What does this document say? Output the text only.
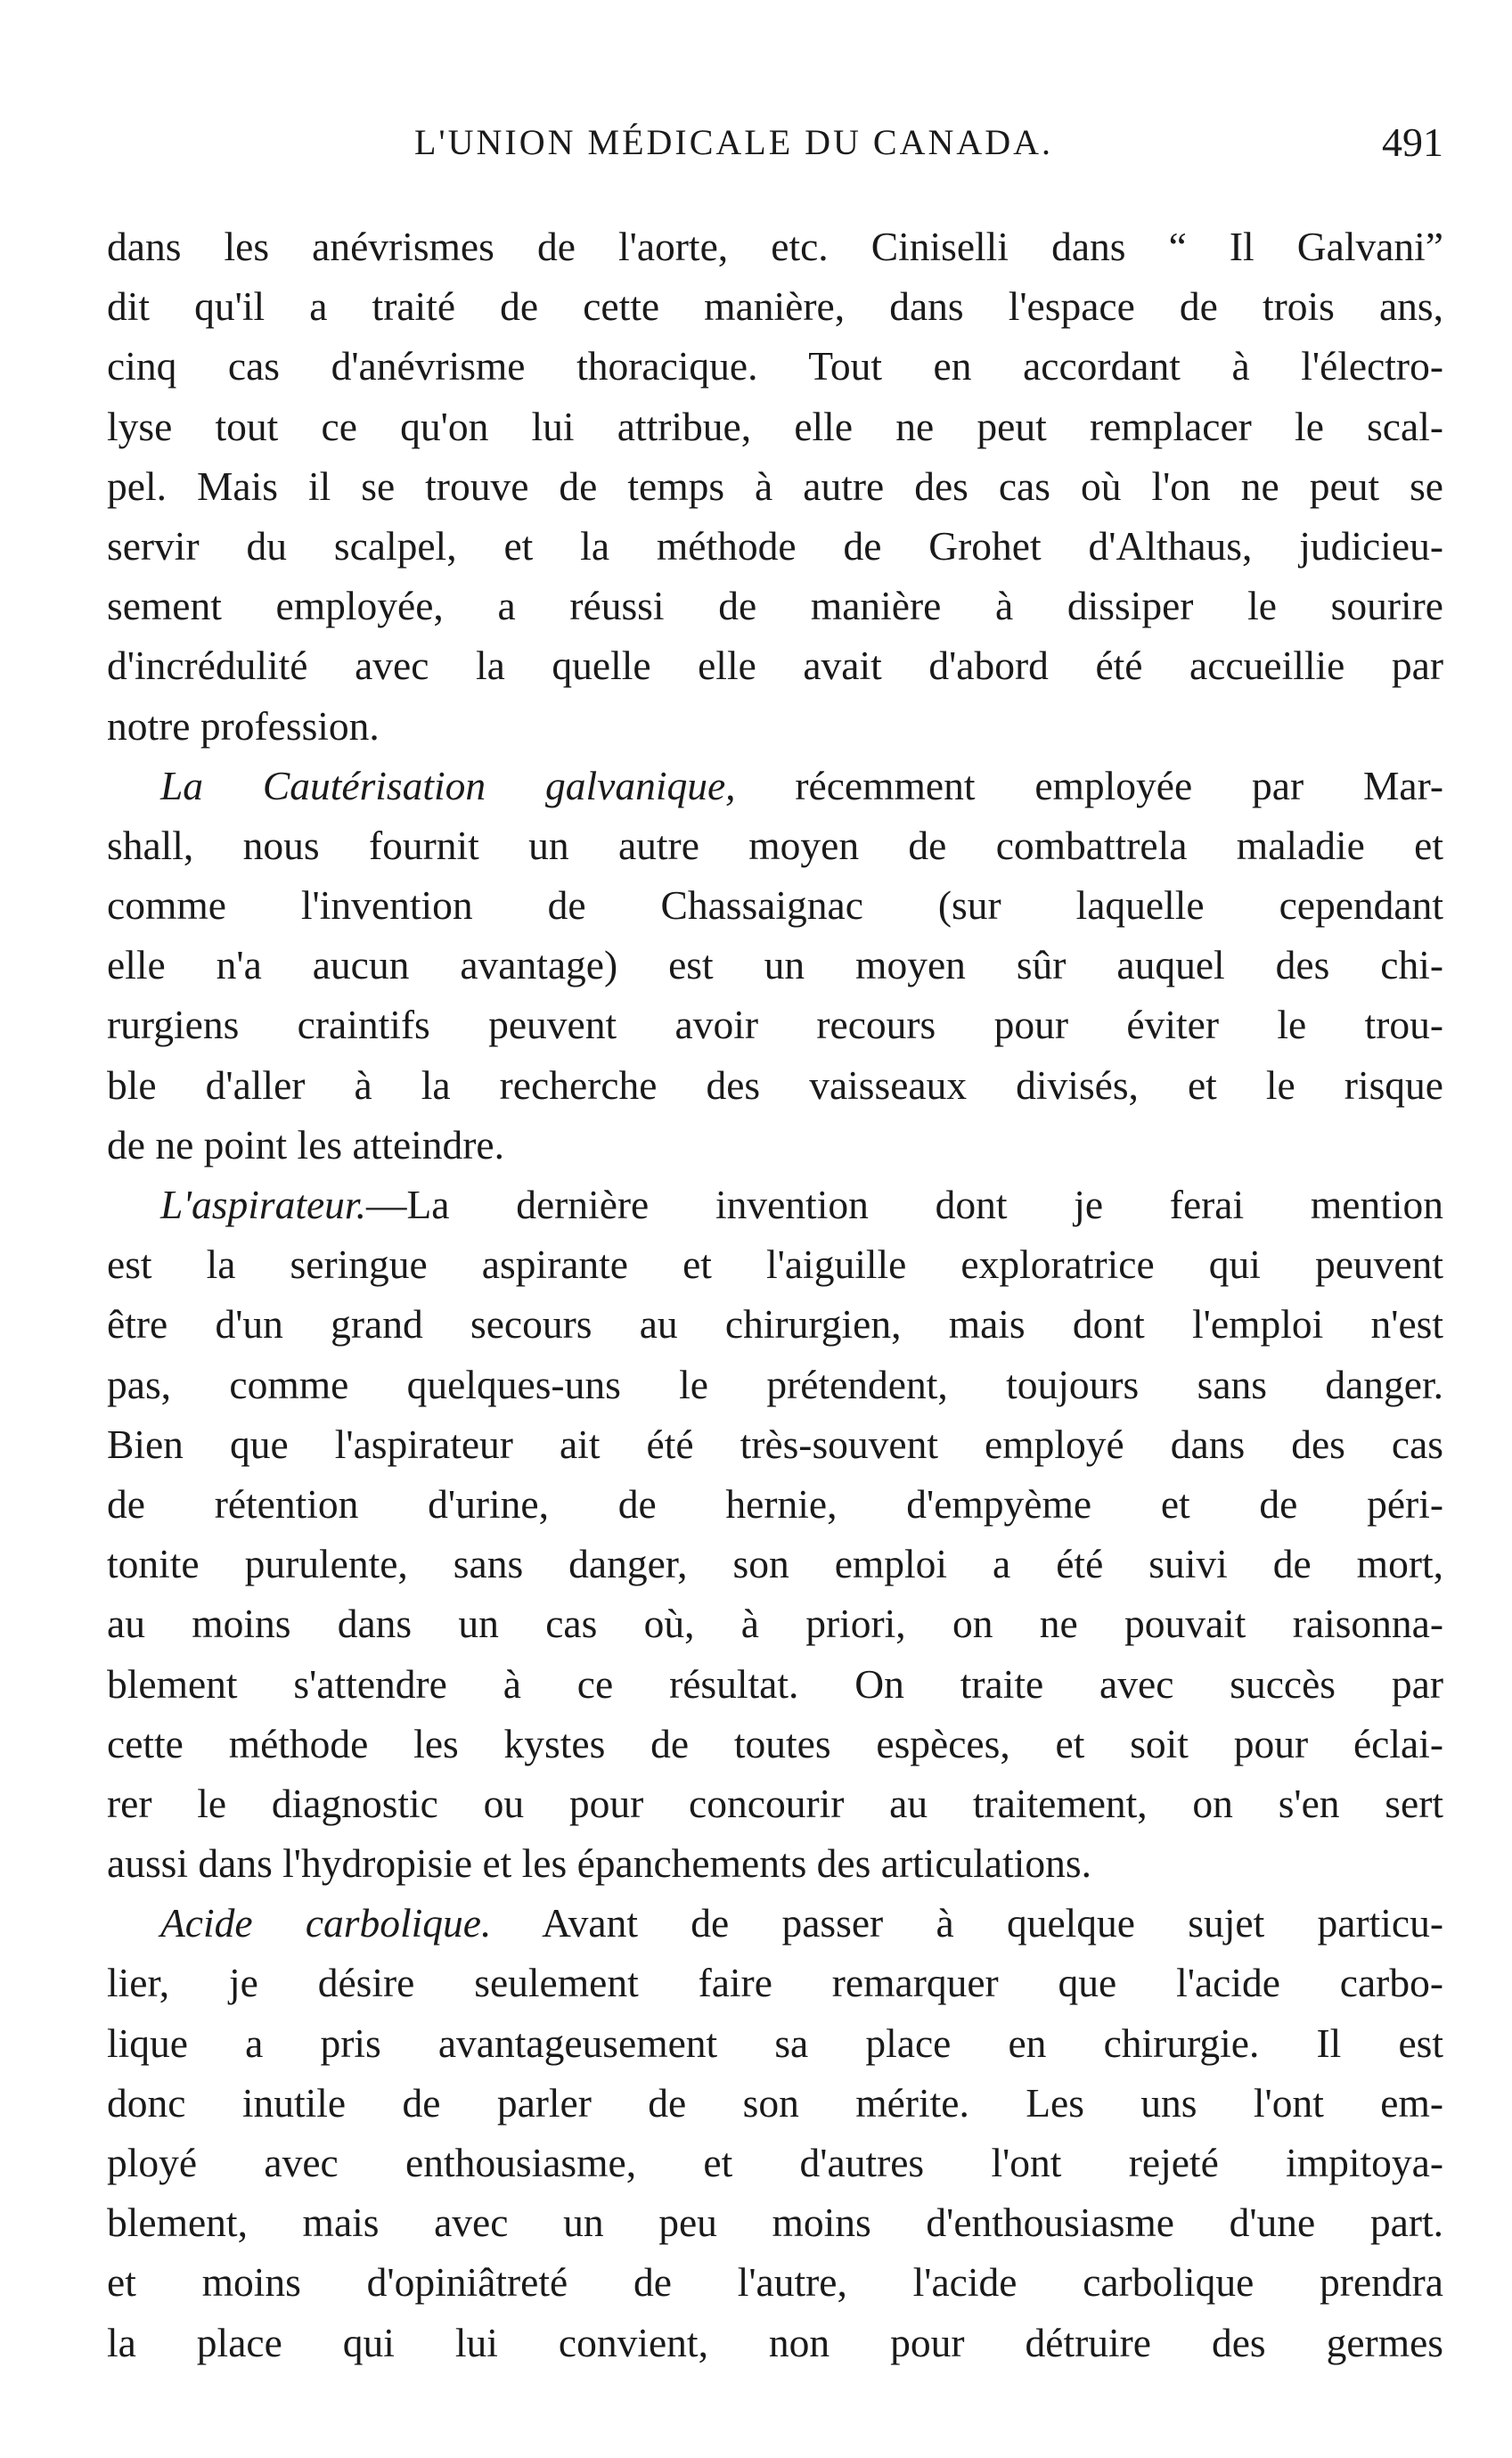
L'UNION MÉDICALE DU CANADA.	491
dans les anévrismes de l'aorte, etc. Ciniselli dans “ Il Galvani”
dit qu'il a traité de cette manière, dans l'espace de trois ans,
cinq cas d'anévrisme thoracique. Tout en accordant à l'électro-
lyse tout ce qu'on lui attribue, elle ne peut remplacer le scal-
pel. Mais il se trouve de temps à autre des cas où l'on ne peut se
servir du scalpel, et la méthode de Grohet d'Althaus, judicieu-
sement employée, a réussi de manière à dissiper le sourire
d'incrédulité avec la quelle elle avait d'abord été accueillie par
notre profession.
La Cautérisation galvanique, récemment employée par Mar-
shall, nous fournit un autre moyen de combattrela maladie et
comme l'invention de Chassaignac (sur laquelle cependant
elle n'a aucun avantage) est un moyen sûr auquel des chi-
rurgiens craintifs peuvent avoir recours pour éviter le trou-
ble d'aller à la recherche des vaisseaux divisés, et le risque
de ne point les atteindre.
L'aspirateur.—La dernière invention dont je ferai mention
est la seringue aspirante et l'aiguille exploratrice qui peuvent
être d'un grand secours au chirurgien, mais dont l'emploi n'est
pas, comme quelques-uns le prétendent, toujours sans danger.
Bien que l'aspirateur ait été très-souvent employé dans des cas
de rétention d'urine, de hernie, d'empyème et de péri-
tonite purulente, sans danger, son emploi a été suivi de mort,
au moins dans un cas où, à priori, on ne pouvait raisonna-
blement s'attendre à ce résultat. On traite avec succès par
cette méthode les kystes de toutes espèces, et soit pour éclai-
rer le diagnostic ou pour concourir au traitement, on s'en sert
aussi dans l'hydropisie et les épanchements des articulations.
Acide carbolique. Avant de passer à quelque sujet particu-
lier, je désire seulement faire remarquer que l'acide carbo-
lique a pris avantageusement sa place en chirurgie. Il est
donc inutile de parler de son mérite. Les uns l'ont em-
ployé avec enthousiasme, et d'autres l'ont rejeté impitoya-
blement, mais avec un peu moins d'enthousiasme d'une part.
et moins d'opiniâtreté de l'autre, l'acide carbolique prendra
la place qui lui convient, non pour détruire des germes
